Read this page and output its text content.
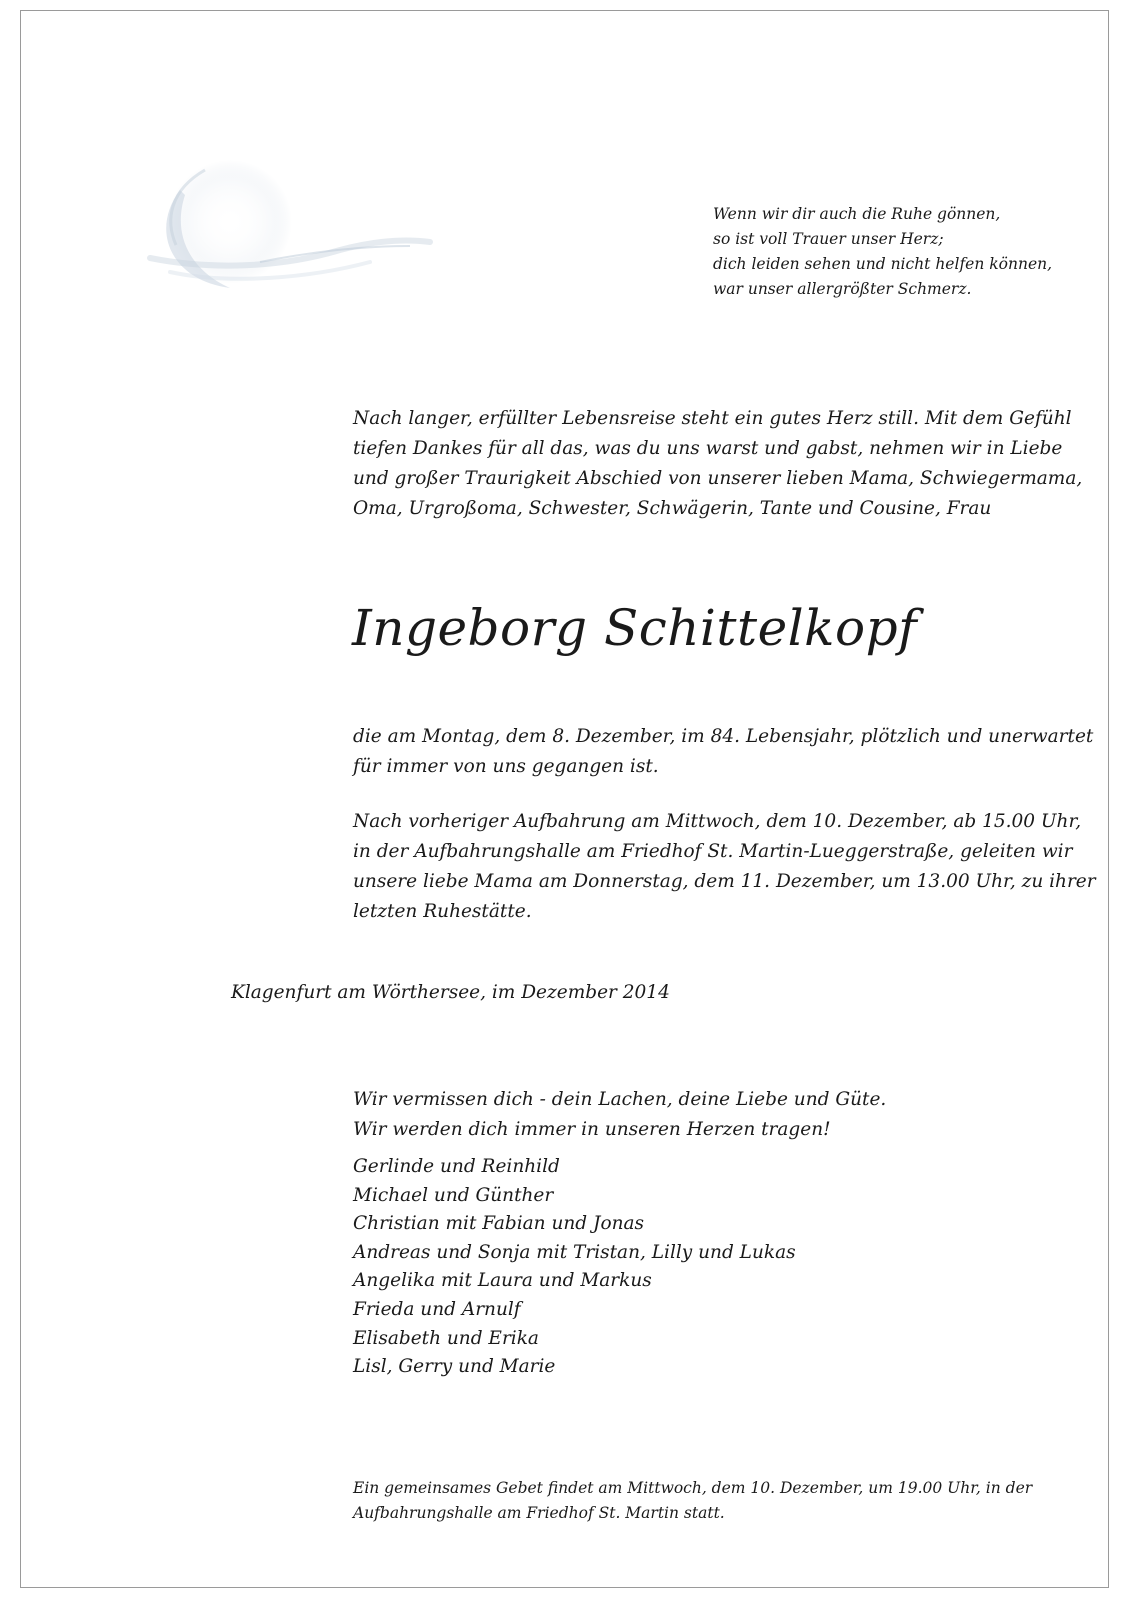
Wenn wir dir auch die Ruhe gönnen,
so ist voll Trauer unser Herz;
dich leiden sehen und nicht helfen können,
war unser allergrößter Schmerz.
Nach langer, erfüllter Lebensreise steht ein gutes Herz still. Mit dem Gefühl
tiefen Dankes für all das, was du uns warst und gabst, nehmen wir in Liebe
und großer Traurigkeit Abschied von unserer lieben Mama, Schwiegermama,
Oma, Urgroßoma, Schwester, Schwägerin, Tante und Cousine, Frau
Ingeborg Schittelkopf
die am Montag, dem 8. Dezember, im 84. Lebensjahr, plötzlich und unerwartet
für immer von uns gegangen ist.
Nach vorheriger Aufbahrung am Mittwoch, dem 10. Dezember, ab 15.00 Uhr,
in der Aufbahrungshalle am Friedhof St. Martin-Lueggerstraße, geleiten wir
unsere liebe Mama am Donnerstag, dem 11. Dezember, um 13.00 Uhr, zu ihrer
letzten Ruhestätte.
Klagenfurt am Wörthersee, im Dezember 2014
Wir vermissen dich - dein Lachen, deine Liebe und Güte.
Wir werden dich immer in unseren Herzen tragen!
Gerlinde und Reinhild
Michael und Günther
Christian mit Fabian und Jonas
Andreas und Sonja mit Tristan, Lilly und Lukas
Angelika mit Laura und Markus
Frieda und Arnulf
Elisabeth und Erika
Lisl, Gerry und Marie
Ein gemeinsames Gebet findet am Mittwoch, dem 10. Dezember, um 19.00 Uhr, in der
Aufbahrungshalle am Friedhof St. Martin statt.
